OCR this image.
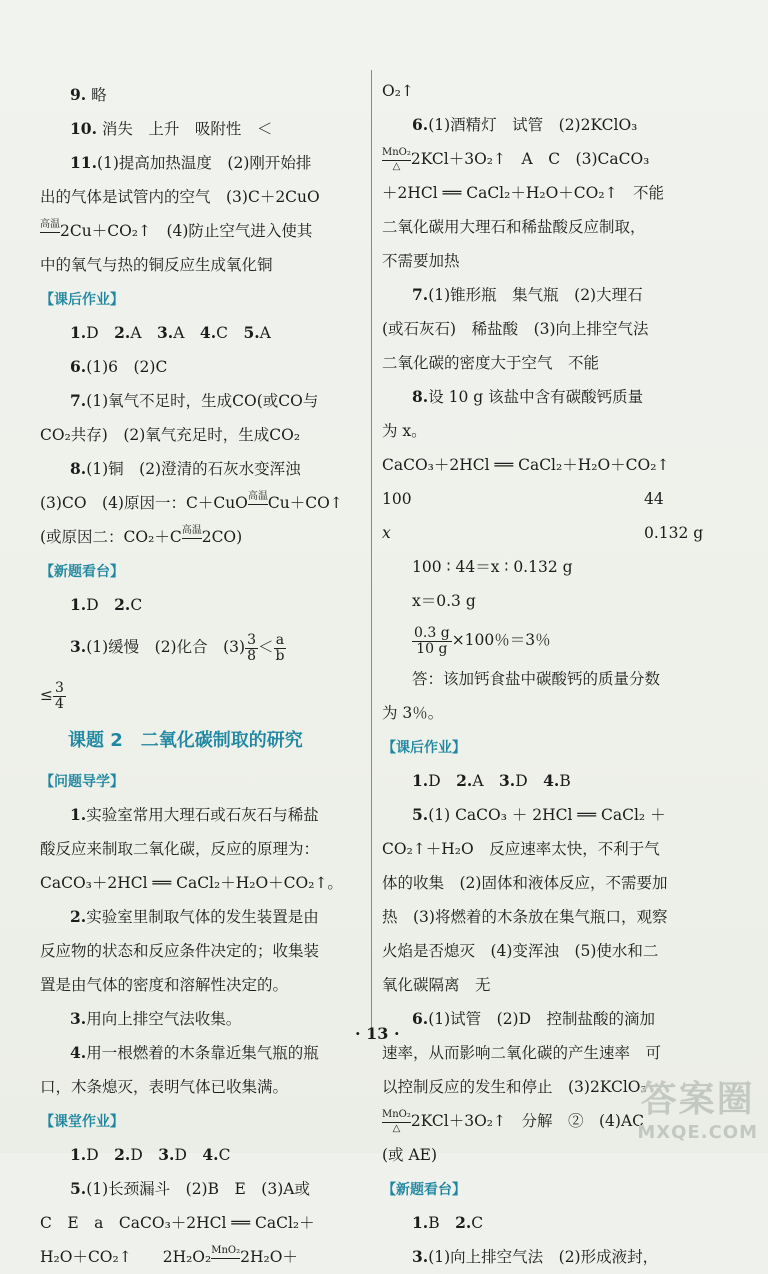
9. 略
10. 消失　上升　吸附性　＜
11.(1)提高加热温度　(2)刚开始排
出的气体是试管内的空气　(3)C＋2CuO
高温
2Cu＋CO₂↑　(4)防止空气进入使其
中的氧气与热的铜反应生成氧化铜
【课后作业】
1.D　2.A　3.A　4.C　5.A
6.(1)6　(2)C
7.(1)氧气不足时，生成CO(或CO与
CO₂共存)　(2)氧气充足时，生成CO₂
8.(1)铜　(2)澄清的石灰水变浑浊
(3)CO　(4)原因一：C＋CuO 高温
Cu＋CO↑
(或原因二：CO₂＋C 高温
2CO)
【新题看台】
1.D　2.C
3.(1)缓慢　(2)化合　$(3) \frac{3}{8} < \frac{a}{b}$
≤ $\frac{3}{4}$
课题 2　二氧化碳制取的研究
【问题导学】
1.实验室常用大理石或石灰石与稀盐
酸反应来制取二氧化碳，反应的原理为：
CaCO₃＋2HCl ══ CaCl₂＋H₂O＋CO₂↑。
2.实验室里制取气体的发生装置是由
反应物的状态和反应条件决定的；收集装
置是由气体的密度和溶解性决定的。
3.用向上排空气法收集。
4.用一根燃着的木条靠近集气瓶的瓶
口，木条熄灭，表明气体已收集满。
【课堂作业】
1.D　2.D　3.D　4.C
5.(1)长颈漏斗　(2)B　E　(3)A或
C　E　a　CaCO₃＋2HCl ══ CaCl₂＋
H₂O＋CO₂↑　　2H₂O₂ MnO₂
2H₂O＋
O₂↑
6.(1)酒精灯　试管　(2)2KClO₃
MnO₂
△ 2KCl＋3O₂↑　A　C　(3)CaCO₃
＋2HCl ══ CaCl₂＋H₂O＋CO₂↑　不能
二氧化碳用大理石和稀盐酸反应制取，
不需要加热
7.(1)锥形瓶　集气瓶　(2)大理石
(或石灰石)　稀盐酸　(3)向上排空气法
二氧化碳的密度大于空气　不能
8.设 10 g 该盐中含有碳酸钙质量
为 x。
CaCO₃＋2HCl ══ CaCl₂＋H₂O＋CO₂↑
100	44
x	0.132 g
100 ∶ 44＝x ∶ 0.132 g
x＝0.3 g
$\frac{0.3 g}{10 g} \times 100$％＝3％
答：该加钙食盐中碳酸钙的质量分数
为 3％。
【课后作业】
1.D　2.A　3.D　4.B
5.(1) CaCO₃ ＋ 2HCl ══ CaCl₂ ＋
CO₂↑＋H₂O　反应速率太快，不利于气
体的收集　(2)固体和液体反应，不需要加
热　(3)将燃着的木条放在集气瓶口，观察
火焰是否熄灭　(4)变浑浊　(5)使水和二
氧化碳隔离　无
6.(1)试管　(2)D　控制盐酸的滴加
速率，从而影响二氧化碳的产生速率　可
以控制反应的发生和停止　(3)2KClO₃
MnO₂
△ 2KCl＋3O₂↑　分解　②　(4)AC
(或 AE)
【新题看台】
1.B　2.C
3.(1)向上排空气法　(2)形成液封，
· 13 ·
答案圈
MXQE.COM
